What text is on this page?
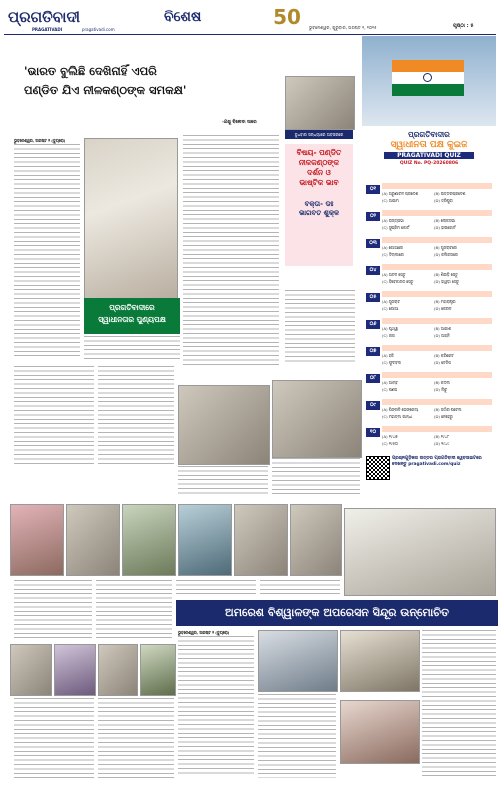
ପ୍ରଗତିବାଦୀ
PRAGATIVADI	pragativadi.com
ବିଶେଷ	50	ଭୁବନେଶ୍ୱର, ଗୁରୁବାର, ଅଗଷ୍ଟ ୨, ୨୦୨୫	ପୃଷ୍ଠା : ୫
'ଭାରତ ବୁଲିଛି ଦେଖିନାହିଁ ଏପରି
ପଣ୍ଡିତ ଯିଏ ନୀଳକଣ୍ଠଙ୍କ ସମକକ୍ଷ'
-ଯଶୁ ବିନୋଦା ସାରେ
ଭୁବନେଶ୍ୱର, ଅଗଷ୍ଟ ୨ (ବ୍ୟୁରୋ)
ପ୍ରଗତିବାଦୀରେ
ସ୍ୱାଧୀନତାର ପୁଣ୍ୟପକ୍ଷ
ବୁଧବାର ସନ୍ଧ୍ୟାରେ ଅବସରରେ
ବିଷୟ- ପଣ୍ଡିତ
ନୀଳକଣ୍ଠଙ୍କ
ଦର୍ଶନ ଓ
ଭାଷ୍ଟିକ ଭାବ
ବକ୍ତା- ଡଃ
ଭାଗବତ ଶୁକ୍ଳ
ପ୍ରଗତିବାଦୀର
ସ୍ୱାଧୀନତା ପକ୍ଷ କୁଇଜ
PRAGATIVADI QUIZ
QUIZ No. PQ-20260806
୦୧
(A) ଅରୁଣାଚଳ ପ୍ରଦେଶ	(B) ଉତ୍ତରପ୍ରଦେଶ
(C) ଆସାମ	(D) ତ୍ରିପୁରା
୦୨
(A) ରାଜ୍ୟସଭା	(B) ଲୋକସଭା
(C) ସୁପ୍ରିମ କୋର୍ଟ	(D) ହାଇକୋର୍ଟ
୦୩
(A) ଗୋଆରେ	(B) ଗୁଜରାଟରେ
(C) ଦିଲ୍ଲୀରେ	(D) କଲିକତାରେ
୦୪
(A) ଅଟଳ ସେତୁ	(B) ଶିଉଡ଼ି ସେତୁ
(C) ବିବେକାନନ୍ଦ ସେତୁ	(D) ହାୱଡ଼ା ସେତୁ
୦୫
(A) ଗୁଜରାଟ	(B) ମହାରାଷ୍ଟ୍ର
(C) ଗୋଆ	(D) କେରଳ
୦୬
(A) ପୃଥ୍ୱୀ	(B) ଆକାଶ
(C) ନାଗ	(D) ଅଗ୍ନି
୦୭
(A) ହକି	(B) କ୍ରିକେଟ
(C) ଫୁଟବଲ	(D) ଟେନିସ
୦୮
(A) ଆମ୍ବ	(B) କଦଳୀ
(C) ପଣସ	(D) ଲିଚୁ
୦୯
(A) ପିଙ୍ଗଳି ଭେଙ୍କେୟା	(B) ସର୍ଦ୍ଦାର ପଟେଲ
(C) ମହାତ୍ମା ଗାନ୍ଧୀ	(D) ନେହେରୁ
୧୦
(A) ୧୯୪୭	(B) ୧୯୪୮
(C) ୧୯୫୦	(D) ୧୯୪୯
ପ୍ରଶ୍ନଗୁଡ଼ିକର ଉତ୍ତର ପ୍ରଗତିବାଦୀ ୱେବସାଇଟରେ ଦେଖନ୍ତୁ pragativadi.com/quiz
ଅମରେଶ ବିଶ୍ୱାଳଙ୍କ ଅପରେସନ ସିନ୍ଦୂର ଉନ୍ମୋଚିତ
ଭୁବନେଶ୍ୱର, ଅଗଷ୍ଟ ୨ (ବ୍ୟୁରୋ)
